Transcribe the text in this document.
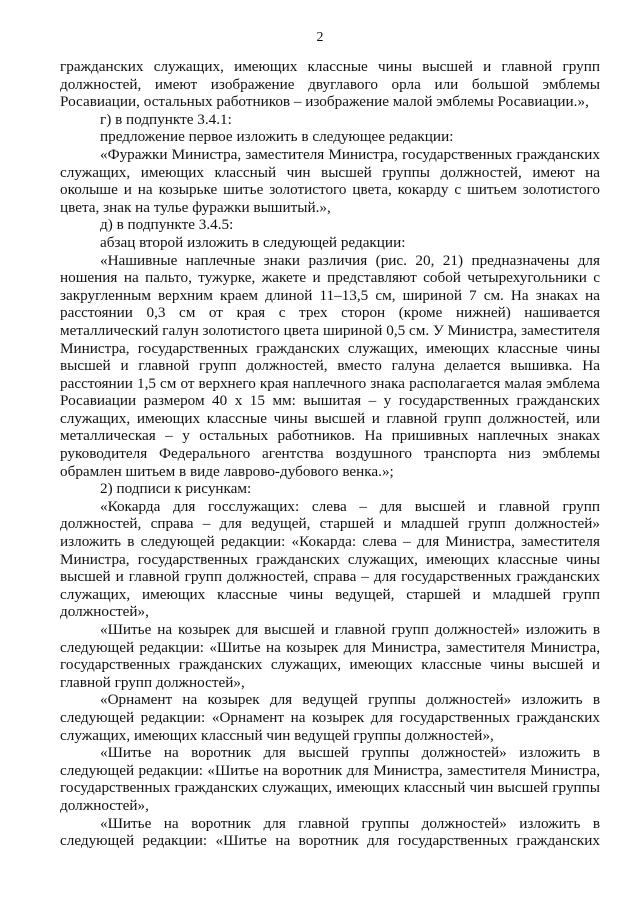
2

гражданских служащих, имеющих классные чины высшей и главной групп должностей, имеют изображение двуглавого орла или большой эмблемы Росавиации, остальных работников – изображение малой эмблемы Росавиации.»,

г) в подпункте 3.4.1:

предложение первое изложить в следующее редакции:

«Фуражки Министра, заместителя Министра, государственных гражданских служащих, имеющих классный чин высшей группы должностей, имеют на околыше и на козырьке шитье золотистого цвета, кокарду с шитьем золотистого цвета, знак на тулье фуражки вышитый.»,

д) в подпункте 3.4.5:

абзац второй изложить в следующей редакции:

«Нашивные наплечные знаки различия (рис. 20, 21) предназначены для ношения на пальто, тужурке, жакете и представляют собой четырехугольники с закругленным верхним краем длиной 11–13,5 см, шириной 7 см. На знаках на расстоянии 0,3 см от края с трех сторон (кроме нижней) нашивается металлический галун золотистого цвета шириной 0,5 см. У Министра, заместителя Министра, государственных гражданских служащих, имеющих классные чины высшей и главной групп должностей, вместо галуна делается вышивка. На расстоянии 1,5 см от верхнего края наплечного знака располагается малая эмблема Росавиации размером 40 х 15 мм: вышитая – у государственных гражданских служащих, имеющих классные чины высшей и главной групп должностей, или металлическая – у остальных работников. На пришивных наплечных знаках руководителя Федерального агентства воздушного транспорта низ эмблемы обрамлен шитьем в виде лаврово-дубового венка.»;

2) подписи к рисункам:

«Кокарда для госслужащих: слева – для высшей и главной групп должностей, справа – для ведущей, старшей и младшей групп должностей» изложить в следующей редакции: «Кокарда: слева – для Министра, заместителя Министра, государственных гражданских служащих, имеющих классные чины высшей и главной групп должностей, справа – для государственных гражданских служащих, имеющих классные чины ведущей, старшей и младшей групп должностей»,

«Шитье на козырек для высшей и главной групп должностей» изложить в следующей редакции: «Шитье на козырек для Министра, заместителя Министра, государственных гражданских служащих, имеющих классные чины высшей и главной групп должностей»,

«Орнамент на козырек для ведущей группы должностей» изложить в следующей редакции: «Орнамент на козырек для государственных гражданских служащих, имеющих классный чин ведущей группы должностей»,

«Шитье на воротник для высшей группы должностей» изложить в следующей редакции: «Шитье на воротник для Министра, заместителя Министра, государственных гражданских служащих, имеющих классный чин высшей группы должностей»,

«Шитье на воротник для главной группы должностей» изложить в следующей редакции: «Шитье на воротник для государственных гражданских
